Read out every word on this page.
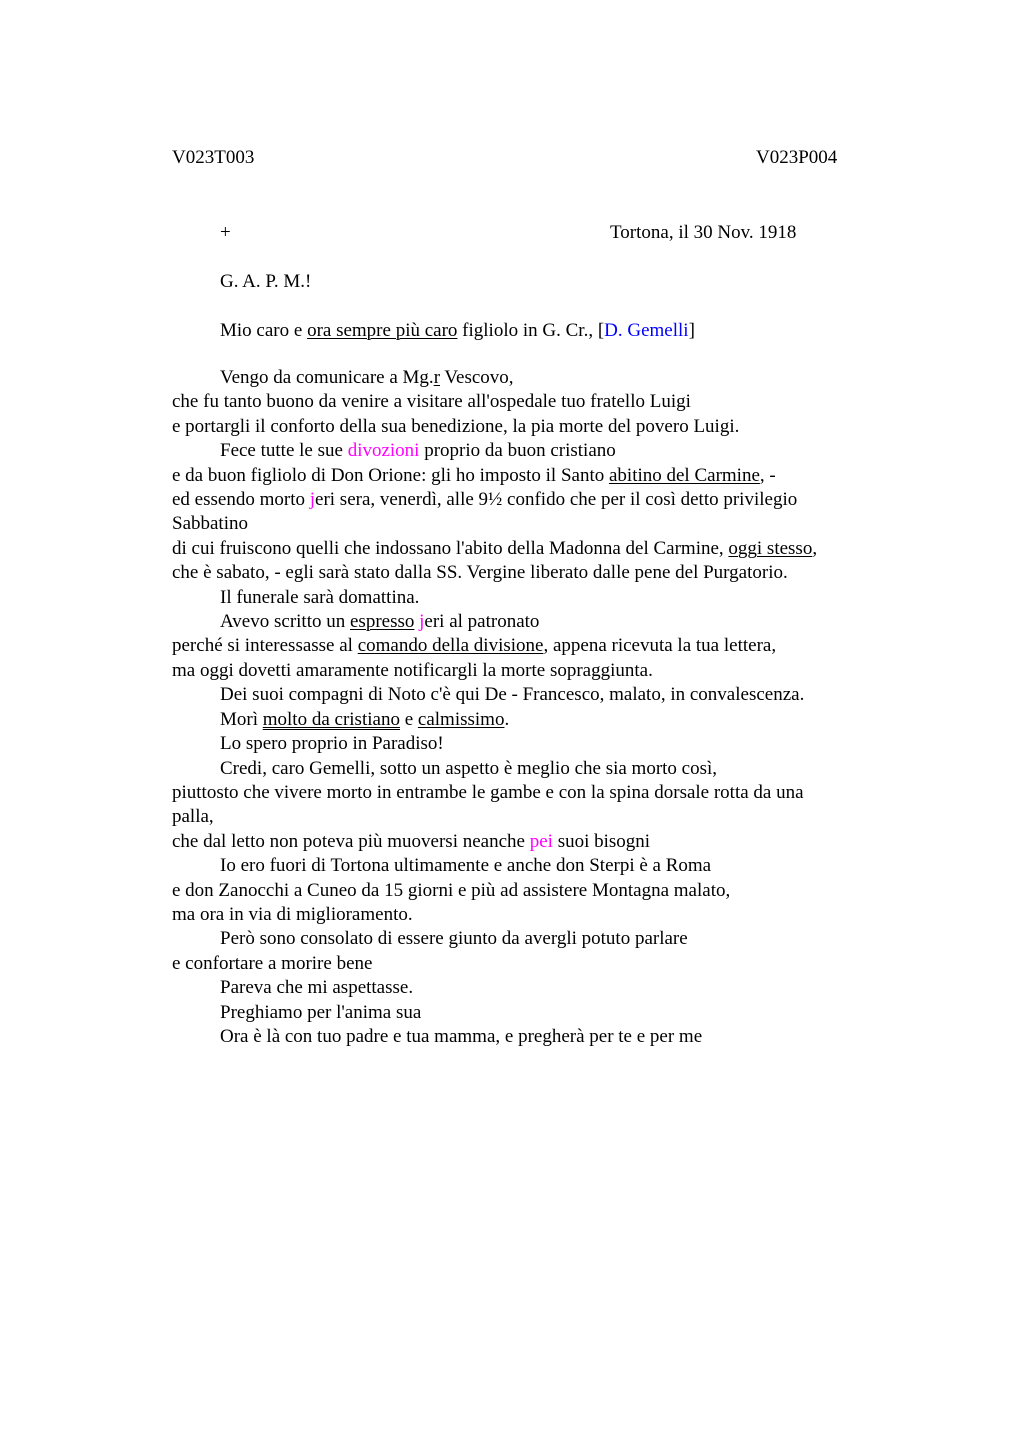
V023T003	V023P004
+	Tortona, il 30 Nov. 1918
G. A. P. M.!
Mio caro e ora sempre più caro figliolo in G. Cr., [D. Gemelli]
Vengo da comunicare a Mg.r Vescovo,
che fu tanto buono da venire a visitare all'ospedale tuo fratello Luigi
e portargli il conforto della sua benedizione, la pia morte del povero Luigi.
Fece tutte le sue divozioni proprio da buon cristiano
e da buon figliolo di Don Orione: gli ho imposto il Santo abitino del Carmine, -
ed essendo morto jeri sera, venerdì, alle 9½ confido che per il così detto privilegio
Sabbatino
di cui fruiscono quelli che indossano l'abito della Madonna del Carmine, oggi stesso,
che è sabato, - egli sarà stato dalla SS. Vergine liberato dalle pene del Purgatorio.
Il funerale sarà domattina.
Avevo scritto un espresso jeri al patronato
perché si interessasse al comando della divisione, appena ricevuta la tua lettera,
ma oggi dovetti amaramente notificargli la morte sopraggiunta.
Dei suoi compagni di Noto c'è qui De - Francesco, malato, in convalescenza.
Morì molto da cristiano e calmissimo.
Lo spero proprio in Paradiso!
Credi, caro Gemelli, sotto un aspetto è meglio che sia morto così,
piuttosto che vivere morto in entrambe le gambe e con la spina dorsale rotta da una
palla,
che dal letto non poteva più muoversi neanche pei suoi bisogni
Io ero fuori di Tortona ultimamente e anche don Sterpi è a Roma
e don Zanocchi a Cuneo da 15 giorni e più ad assistere Montagna malato,
ma ora in via di miglioramento.
Però sono consolato di essere giunto da avergli potuto parlare
e confortare a morire bene
Pareva che mi aspettasse.
Preghiamo per l'anima sua
Ora è là con tuo padre e tua mamma, e pregherà per te e per me
